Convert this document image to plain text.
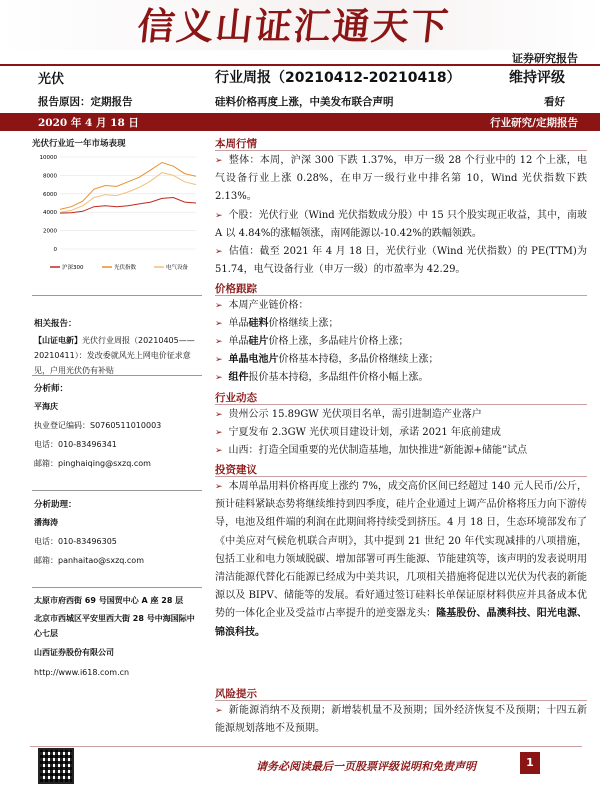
信义山证汇通天下
证券研究报告
光伏	行业周报（20210412-20210418）	维持评级
报告原因：定期报告	硅料价格再度上涨，中美发布联合声明	看好
2020 年 4 月 18 日	行业研究/定期报告
光伏行业近一年市场表现
10000
8000
6000
4000
2000
0
沪深300	光伏指数	电气设备
相关报告：
【山证电新】光伏行业周报（20210405——20210411）：发改委就风光上网电价征求意见，户用光伏仍有补贴
分析师：
平海庆
执业登记编码：S0760511010003
电话：010-83496341
邮箱：pinghaiqing@sxzq.com
分析助理：
潘海涛
电话：010-83496305
邮箱：panhaitao@sxzq.com
太原市府西街 69 号国贸中心 A 座 28 层
北京市西城区平安里西大街 28 号中海国际中心七层
山西证券股份有限公司
http://www.i618.com.cn
本周行情
➢ 整体：本周，沪深 300 下跌 1.37%，申万一级 28 个行业中的 12 个上涨，电气设备行业上涨 0.28%，在申万一级行业中排名第 10，Wind 光伏指数下跌 2.13%。
➢ 个股：光伏行业（Wind 光伏指数成分股）中 15 只个股实现正收益，其中，南玻 A 以 4.84%的涨幅领涨，南网能源以-10.42%的跌幅领跌。
➢ 估值：截至 2021 年 4 月 18 日，光伏行业（Wind 光伏指数）的 PE(TTM)为 51.74，电气设备行业（申万一级）的市盈率为 42.29。
价格跟踪
➢ 本周产业链价格：
➢ 单晶硅料价格继续上涨；
➢ 单晶硅片价格上涨，多晶硅片价格上涨；
➢ 单晶电池片价格基本持稳，多晶价格继续上涨；
➢ 组件报价基本持稳，多晶组件价格小幅上涨。
行业动态
➢ 贵州公示 15.89GW 光伏项目名单，需引进制造产业落户
➢ 宁夏发布 2.3GW 光伏项目建设计划，承诺 2021 年底前建成
➢ 山西：打造全国重要的光伏制造基地，加快推进“新能源+储能”试点
投资建议
➢ 本周单晶用料价格再度上涨约 7%，成交高价区间已经超过 140 元人民币/公斤，预计硅料紧缺态势将继续维持到四季度，硅片企业通过上调产品价格将压力向下游传导，电池及组件端的利润在此期间将持续受到挤压。4 月 18 日，生态环境部发布了《中美应对气候危机联合声明》，其中提到 21 世纪 20 年代实现减排的八项措施，包括工业和电力领域脱碳、增加部署可再生能源、节能建筑等，该声明的发表说明用清洁能源代替化石能源已经成为中美共识，几项相关措施将促进以光伏为代表的新能源以及 BIPV、储能等的发展。看好通过签订硅料长单保证原材料供应并具备成本优势的一体化企业及受益市占率提升的逆变器龙头：隆基股份、晶澳科技、阳光电源、锦浪科技。
风险提示
➢ 新能源消纳不及预期；新增装机量不及预期；国外经济恢复不及预期；十四五新能源规划落地不及预期。
请务必阅读最后一页股票评级说明和免责声明	1
